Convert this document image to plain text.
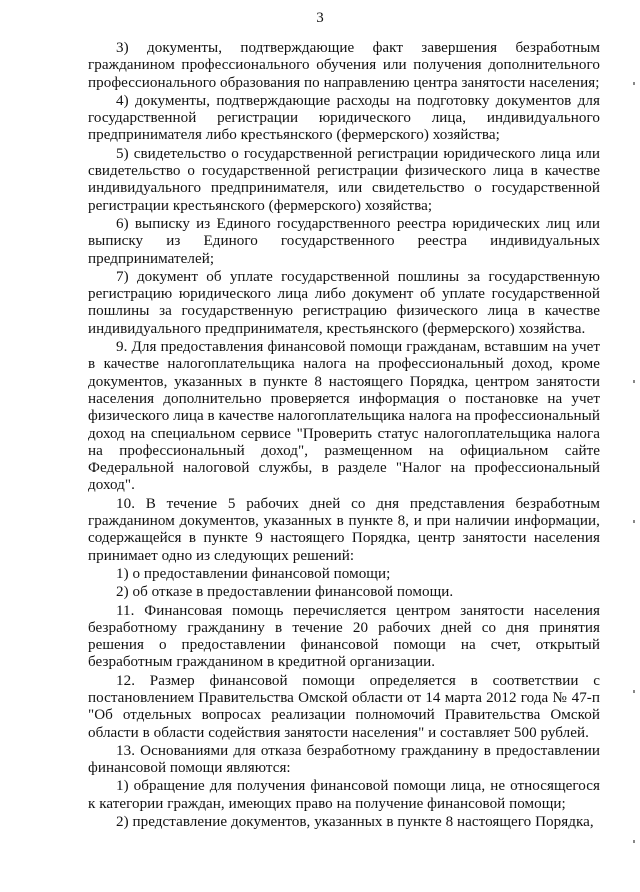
3

3) документы, подтверждающие факт завершения безработным гражданином профессионального обучения или получения дополнительного профессионального образования по направлению центра занятости населения;

4) документы, подтверждающие расходы на подготовку документов для государственной регистрации юридического лица, индивидуального предпринимателя либо крестьянского (фермерского) хозяйства;

5) свидетельство о государственной регистрации юридического лица или свидетельство о государственной регистрации физического лица в качестве индивидуального предпринимателя, или свидетельство о государственной регистрации крестьянского (фермерского) хозяйства;

6) выписку из Единого государственного реестра юридических лиц или выписку из Единого государственного реестра индивидуальных предпринимателей;

7) документ об уплате государственной пошлины за государственную регистрацию юридического лица либо документ об уплате государственной пошлины за государственную регистрацию физического лица в качестве индивидуального предпринимателя, крестьянского (фермерского) хозяйства.

9. Для предоставления финансовой помощи гражданам, вставшим на учет в качестве налогоплательщика налога на профессиональный доход, кроме документов, указанных в пункте 8 настоящего Порядка, центром занятости населения дополнительно проверяется информация о постановке на учет физического лица в качестве налогоплательщика налога на профессиональный доход на специальном сервисе "Проверить статус налогоплательщика налога на профессиональный доход", размещенном на официальном сайте Федеральной налоговой службы, в разделе "Налог на профессиональный доход".

10. В течение 5 рабочих дней со дня представления безработным гражданином документов, указанных в пункте 8, и при наличии информации, содержащейся в пункте 9 настоящего Порядка, центр занятости населения принимает одно из следующих решений:

1) о предоставлении финансовой помощи;

2) об отказе в предоставлении финансовой помощи.

11. Финансовая помощь перечисляется центром занятости населения безработному гражданину в течение 20 рабочих дней со дня принятия решения о предоставлении финансовой помощи на счет, открытый безработным гражданином в кредитной организации.

12. Размер финансовой помощи определяется в соответствии с постановлением Правительства Омской области от 14 марта 2012 года № 47-п "Об отдельных вопросах реализации полномочий Правительства Омской области в области содействия занятости населения" и составляет 500 рублей.

13. Основаниями для отказа безработному гражданину в предоставлении финансовой помощи являются:

1) обращение для получения финансовой помощи лица, не относящегося к категории граждан, имеющих право на получение финансовой помощи;

2) представление документов, указанных в пункте 8 настоящего Порядка,
